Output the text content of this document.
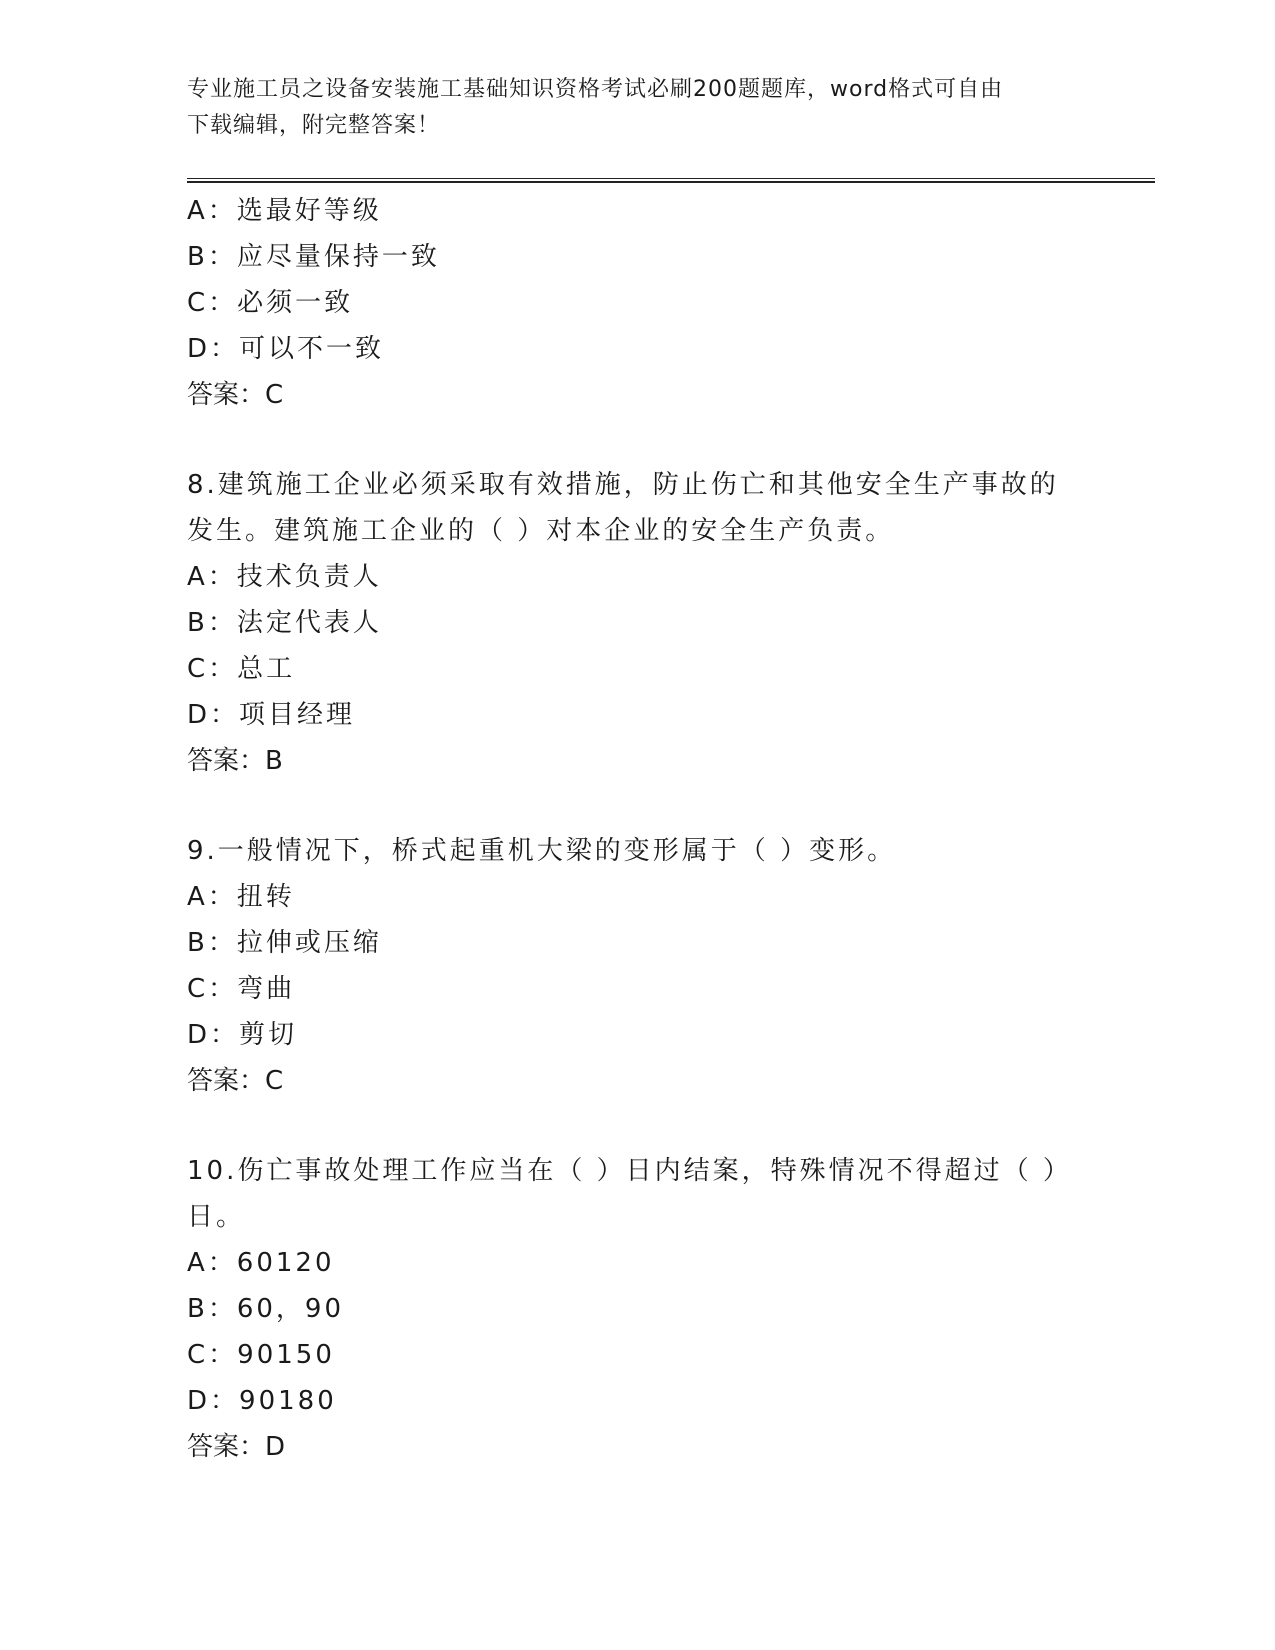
专业施工员之设备安装施工基础知识资格考试必刷200题题库，word格式可自由
下载编辑，附完整答案！
A：选最好等级
B：应尽量保持一致
C：必须一致
D：可以不一致
答案：C
8.建筑施工企业必须采取有效措施，防止伤亡和其他安全生产事故的
发生。建筑施工企业的（ ）对本企业的安全生产负责。
A：技术负责人
B：法定代表人
C：总工
D：项目经理
答案：B
9.一般情况下，桥式起重机大梁的变形属于（ ）变形。
A：扭转
B：拉伸或压缩
C：弯曲
D：剪切
答案：C
10.伤亡事故处理工作应当在（ ）日内结案，特殊情况不得超过（ ）
日。
A：60120
B：60，90
C：90150
D：90180
答案：D
